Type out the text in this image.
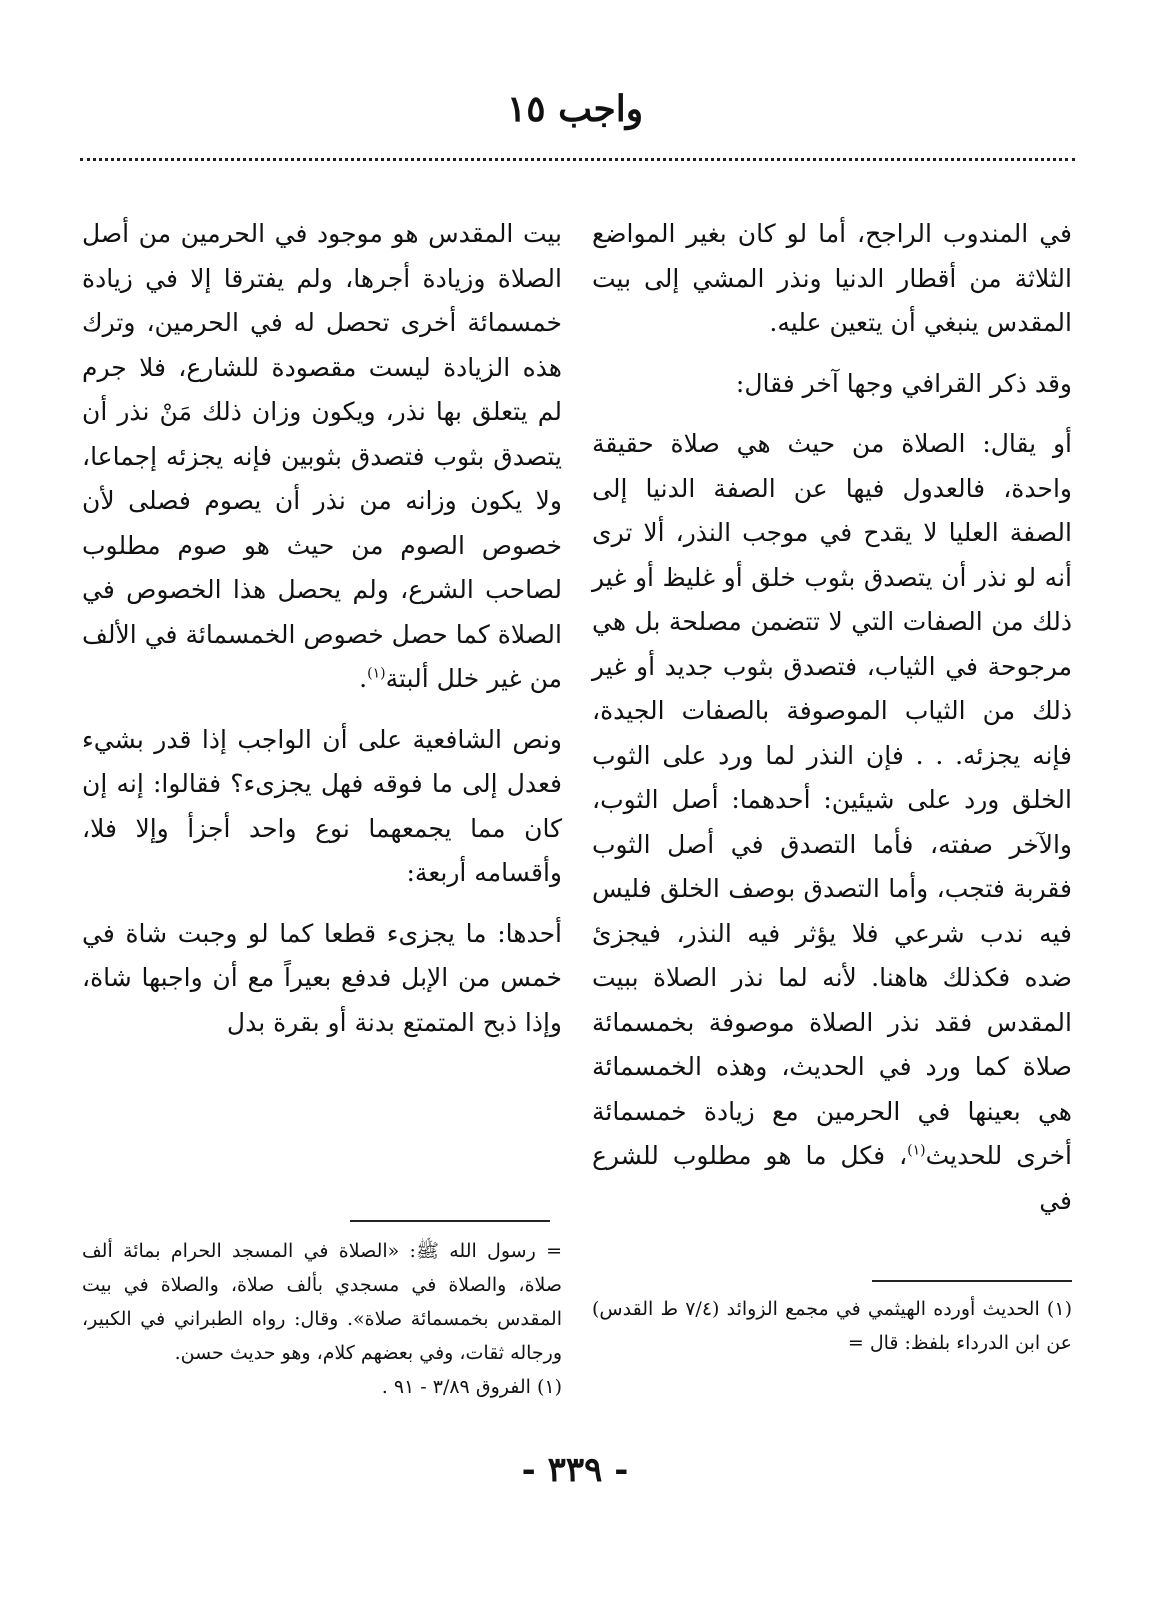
واجب ١٥

في المندوب الراجح، أما لو كان بغير المواضع الثلاثة من أقطار الدنيا ونذر المشي إلى بيت المقدس ينبغي أن يتعين عليه.

وقد ذكر القرافي وجها آخر فقال:

أو يقال: الصلاة من حيث هي صلاة حقيقة واحدة، فالعدول فيها عن الصفة الدنيا إلى الصفة العليا لا يقدح في موجب النذر، ألا ترى أنه لو نذر أن يتصدق بثوب خلق أو غليظ أو غير ذلك من الصفات التي لا تتضمن مصلحة بل هي مرجوحة في الثياب، فتصدق بثوب جديد أو غير ذلك من الثياب الموصوفة بالصفات الجيدة، فإنه يجزئه. . . فإن النذر لما ورد على الثوب الخلق ورد على شيئين: أحدهما: أصل الثوب، والآخر صفته، فأما التصدق في أصل الثوب فقربة فتجب، وأما التصدق بوصف الخلق فليس فيه ندب شرعي فلا يؤثر فيه النذر، فيجزئ ضده فكذلك هاهنا. لأنه لما نذر الصلاة ببيت المقدس فقد نذر الصلاة موصوفة بخمسمائة صلاة كما ورد في الحديث، وهذه الخمسمائة هي بعينها في الحرمين مع زيادة خمسمائة أخرى للحديث$^{(١)}$، فكل ما هو مطلوب للشرع في

بيت المقدس هو موجود في الحرمين من أصل الصلاة وزيادة أجرها، ولم يفترقا إلا في زيادة خمسمائة أخرى تحصل له في الحرمين، وترك هذه الزيادة ليست مقصودة للشارع، فلا جرم لم يتعلق بها نذر، ويكون وزان ذلك مَنْ نذر أن يتصدق بثوب فتصدق بثوبين فإنه يجزئه إجماعا، ولا يكون وزانه من نذر أن يصوم فصلى لأن خصوص الصوم من حيث هو صوم مطلوب لصاحب الشرع، ولم يحصل هذا الخصوص في الصلاة كما حصل خصوص الخمسمائة في الألف من غير خلل ألبتة$^{(١)}$.

ونص الشافعية على أن الواجب إذا قدر بشيء فعدل إلى ما فوقه فهل يجزىء؟ فقالوا: إنه إن كان مما يجمعهما نوع واحد أجزأ وإلا فلا، وأقسامه أربعة:

أحدها: ما يجزىء قطعا كما لو وجبت شاة في خمس من الإبل فدفع بعيراً مع أن واجبها شاة، وإذا ذبح المتمتع بدنة أو بقرة بدل

= رسول الله ﷺ: «الصلاة في المسجد الحرام بمائة ألف صلاة، والصلاة في مسجدي بألف صلاة، والصلاة في بيت المقدس بخمسمائة صلاة». وقال: رواه الطبراني في الكبير، ورجاله ثقات، وفي بعضهم كلام، وهو حديث حسن.

(١) الفروق ٣/٨٩ - ٩١ .

(١) الحديث أورده الهيثمي في مجمع الزوائد (٧/٤ ط القدس) عن ابن الدرداء بلفظ: قال =

- ٣٣٩ -
